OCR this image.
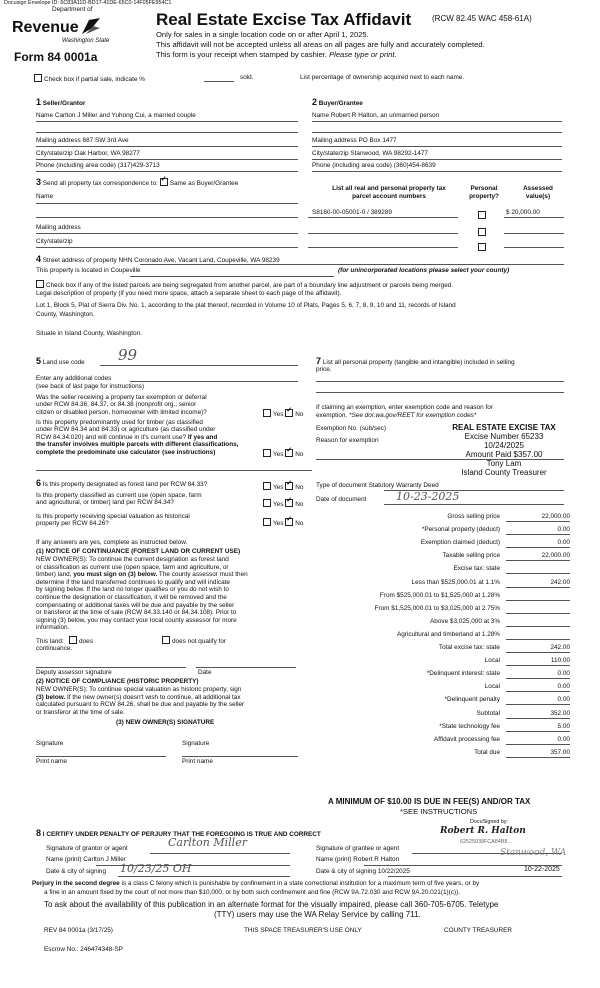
Docusign Envelope ID: 6C83A11D-BD17-41DE-65C0-14F05FE954C1
Department of
Revenue
Washington State
Form 84 0001a
Real Estate Excise Tax Affidavit	(RCW 82.45 WAC 458-61A)
Only for sales in a single location code on or after April 1, 2025.
This affidavit will not be accepted unless all areas on all pages are fully and accurately completed.
This form is your receipt when stamped by cashier. Please type or print.
Check box if partial sale, indicate %	sold.	List percentage of ownership acquired next to each name.
1 Seller/Grantor
Name Carlton J Miller and Yuhong Cui, a married couple
Mailing address 687 SW 3rd Ave
City/state/zip Oak Harbor, WA 98277
Phone (including area code) (317)429-3713
2 Buyer/Grantee
Name Robert R Halton, an unmarried person
Mailing address PO Box 1477
City/state/zip Stanwood, WA 98292-1477
Phone (including area code) (360)454-8639
3 Send all property tax correspondence to: ✓ Same as Buyer/Grantee
Name
Mailing address
City/state/zip
List all real and personal property tax
parcel account numbers
Personal
property?
Assessed
value(s)
S8160-00-05001-0 / 389289	$ 20,000.00
4 Street address of property NHN Coronado Ave, Vacant Land, Coupeville, WA 98239
This property is located in Coupeville	(for unincorporated locations please select your county)
Check box if any of the listed parcels are being segregated from another parcel, are part of a boundary line adjustment or parcels being merged.
Legal description of property (if you need more space, attach a separate sheet to each page of the affidavit).
Lot 1, Block 5, Plat of Sierra Div. No. 1, according to the plat thereof, recorded in Volume 10 of Plats, Pages 5, 6, 7, 8, 9, 10 and 11, records of Island
County, Washington.
Situate in Island County, Washington.
5 Land use code 99
Enter any additional codes
(see back of last page for instructions)
Was the seller receiving a property tax exemption or deferral
under RCW 84.36, 84.37, or 84.38 (nonprofit org., senior
citizen or disabled person, homeowner with limited income)?	Yes ✓ No
Is this property predominantly used for timber (as classified
under RCW 84.34 and 84.33) or agriculture (as classified under
RCW 84.34.020) and will continue in it's current use? If yes and
the transfer involves multiple parcels with different classifications,
complete the predominate use calculator (see instructions)	Yes ✓ No
6 Is this property designated as forest land per RCW 84.33?	Yes ✓ No
Is this property classified as current use (open space, farm
and agricultural, or timber) land per RCW 84.34?	Yes ✓ No
Is this property receiving special valuation as historical
property per RCW 84.26?	Yes ✓ No
If any answers are yes, complete as instructed below.
(1) NOTICE OF CONTINUANCE (FOREST LAND OR CURRENT USE)
NEW OWNER(S): To continue the current designation as forest land
or classification as current use (open space, farm and agriculture, or
timber) land, you must sign on (3) below. The county assessor must then
determine if the land transferred continues to qualify and will indicate
by signing below. If the land no longer qualifies or you do not wish to
continue the designation or classification, it will be removed and the
compensating or additional taxes will be due and payable by the seller
or transferor at the time of sale (RCW 84.33.140 or 84.34.108). Prior to
signing (3) below, you may contact your local county assessor for more
information.
This land: does	does not qualify for
continuance.
Deputy assessor signature	Date
(2) NOTICE OF COMPLIANCE (HISTORIC PROPERTY)
NEW OWNER(S): To continue special valuation as historic property, sign
(3) below. If the new owner(s) doesn't wish to continue, all additional tax
calculated pursuant to RCW 84.26, shall be due and payable by the seller
or transferor at the time of sale.
(3) NEW OWNER(S) SIGNATURE
Signature	Signature
Print name	Print name
7 List all personal property (tangible and intangible) included in selling
price.
If claiming an exemption, enter exemption code and reason for
exemption. *See dor.wa.gov/REET for exemption codes*
Exemption No. (sub/sec)
Reason for exemption
REAL ESTATE EXCISE TAX
Excise Number 65233
10/24/2025
Amount Paid $357.00
Tony Lam
Island County Treasurer
Type of document Statutory Warranty Deed
Date of document	10-23-2025
Gross selling price	22,000.00
*Personal property (deduct)	0.00
Exemption claimed (deduct)	0.00
Taxable selling price	22,000.00
Excise tax: state
Less than $525,000.01 at 1.1%	242.00
From $525,000.01 to $1,525,000 at 1.28%
From $1,525,000.01 to $3,025,000 at 2.75%
Above $3,025,000 at 3%
Agricultural and timberland at 1.28%
Total excise tax: state	242.00
Local	110.00
*Delinquent interest: state	0.00
Local	0.00
*Delinquent penalty	0.00
Subtotal	352.00
*State technology fee	5.00
Affidavit processing fee	0.00
Total due	357.00
A MINIMUM OF $10.00 IS DUE IN FEE(S) AND/OR TAX
*SEE INSTRUCTIONS
8 I CERTIFY UNDER PENALTY OF PERJURY THAT THE FOREGOING IS TRUE AND CORRECT
DocuSigned by:
Robert R. Halton
62525038FCA84B8...
Carlton Miller
Signature of grantor or agent
Name (print) Carlton J Miller
Date & city of signing 10/23/25 OH
Signature of grantee or agent
Name (print) Robert R Halton
Stanwood, WA
Date & city of signing 10/22/2025	10-22-2025
Perjury in the second degree is a class C felony which is punishable by confinement in a state correctional institution for a maximum term of five years, or by
a fine in an amount fixed by the court of not more than $10,000, or by both such confinement and fine (RCW 9A.72.030 and RCW 9A.20.021(1)(c)).
To ask about the availability of this publication in an alternate format for the visually impaired, please call 360-705-6705. Teletype
(TTY) users may use the WA Relay Service by calling 711.
REV 84 0001a (3/17/25)	THIS SPACE TREASURER'S USE ONLY	COUNTY TREASURER
Escrow No.: 246474348-SP
